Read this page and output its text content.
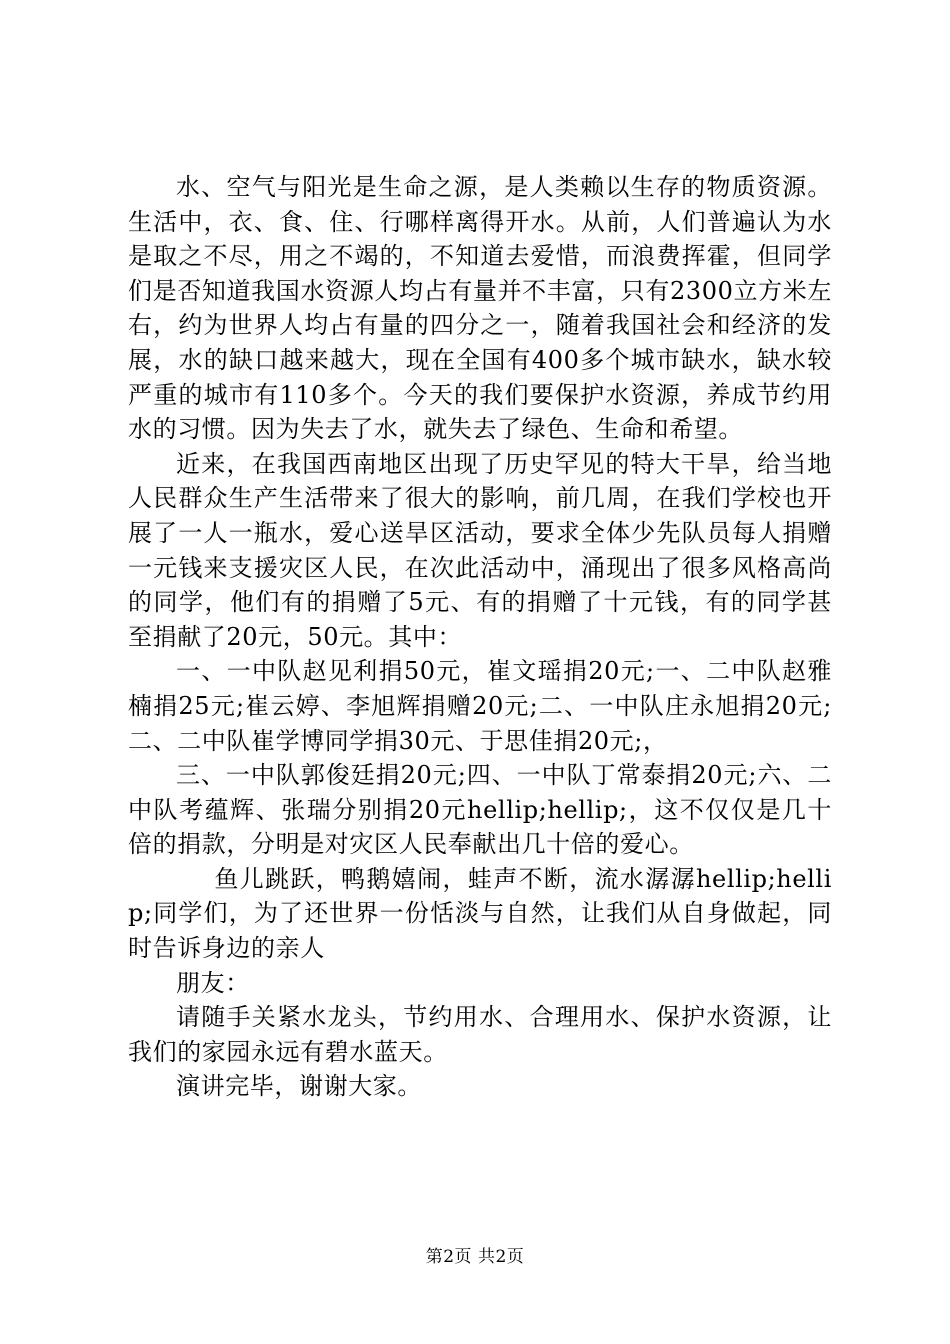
水、空气与阳光是生命之源，是人类赖以生存的物质资源。生活中，衣、食、住、行哪样离得开水。从前，人们普遍认为水是取之不尽，用之不竭的，不知道去爱惜，而浪费挥霍，但同学们是否知道我国水资源人均占有量并不丰富，只有2300立方米左右，约为世界人均占有量的四分之一，随着我国社会和经济的发展，水的缺口越来越大，现在全国有400多个城市缺水，缺水较严重的城市有110多个。今天的我们要保护水资源，养成节约用水的习惯。因为失去了水，就失去了绿色、生命和希望。

近来，在我国西南地区出现了历史罕见的特大干旱，给当地人民群众生产生活带来了很大的影响，前几周，在我们学校也开展了一人一瓶水，爱心送旱区活动，要求全体少先队员每人捐赠一元钱来支援灾区人民，在次此活动中，涌现出了很多风格高尚的同学，他们有的捐赠了5元、有的捐赠了十元钱，有的同学甚至捐献了20元，50元。其中：

一、一中队赵见利捐50元，崔文瑶捐20元;一、二中队赵雅楠捐25元;崔云婷、李旭辉捐赠20元;二、一中队庄永旭捐20元;二、二中队崔学博同学捐30元、于思佳捐20元;，

三、一中队郭俊廷捐20元;四、一中队丁常泰捐20元;六、二中队考蕴辉、张瑞分别捐20元hellip;hellip;，这不仅仅是几十倍的捐款，分明是对灾区人民奉献出几十倍的爱心。

鱼儿跳跃，鸭鹅嬉闹，蛙声不断，流水潺潺hellip;hellip;同学们，为了还世界一份恬淡与自然，让我们从自身做起，同时告诉身边的亲人

朋友：

请随手关紧水龙头，节约用水、合理用水、保护水资源，让我们的家园永远有碧水蓝天。

演讲完毕，谢谢大家。

第2页 共2页
